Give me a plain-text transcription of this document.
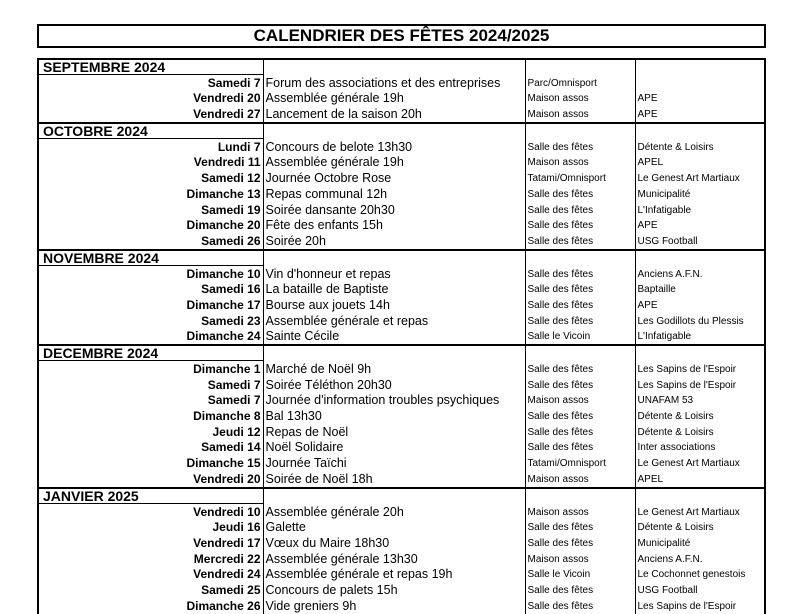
CALENDRIER DES FÊTES 2024/2025
SEPTEMBRE 2024			
Samedi 7	Forum des associations et des entreprises	Parc/Omnisport	
Vendredi 20	Assemblée générale 19h	Maison assos	APE
Vendredi 27	Lancement de la saison 20h	Maison assos	APE
OCTOBRE 2024			
Lundi 7	Concours de belote 13h30	Salle des fêtes	Détente & Loisirs
Vendredi 11	Assemblée générale 19h	Maison assos	APEL
Samedi 12	Journée Octobre Rose	Tatami/Omnisport	Le Genest Art Martiaux
Dimanche 13	Repas communal 12h	Salle des fêtes	Municipalité
Samedi 19	Soirée dansante 20h30	Salle des fêtes	L'Infatigable
Dimanche 20	Fête des enfants 15h	Salle des fêtes	APE
Samedi 26	Soirée 20h	Salle des fêtes	USG Football
NOVEMBRE 2024			
Dimanche 10	Vin d'honneur et repas	Salle des fêtes	Anciens A.F.N.
Samedi 16	La bataille de Baptiste	Salle des fêtes	Baptaille
Dimanche 17	Bourse aux jouets 14h	Salle des fêtes	APE
Samedi 23	Assemblée générale et repas	Salle des fêtes	Les Godillots du Plessis
Dimanche 24	Sainte Cécile	Salle le Vicoin	L'Infatigable
DECEMBRE 2024			
Dimanche 1	Marché de Noël 9h	Salle des fêtes	Les Sapins de l'Espoir
Samedi 7	Soirée Téléthon 20h30	Salle des fêtes	Les Sapins de l'Espoir
Samedi 7	Journée d'information troubles psychiques	Maison assos	UNAFAM 53
Dimanche 8	Bal 13h30	Salle des fêtes	Détente & Loisirs
Jeudi 12	Repas de Noël	Salle des fêtes	Détente & Loisirs
Samedi 14	Noël Solidaire	Salle des fêtes	Inter associations
Dimanche 15	Journée Taïchi	Tatami/Omnisport	Le Genest Art Martiaux
Vendredi 20	Soirée de Noël 18h	Maison assos	APEL
JANVIER 2025			
Vendredi 10	Assemblée générale 20h	Maison assos	Le Genest Art Martiaux
Jeudi 16	Galette	Salle des fêtes	Détente & Loisirs
Vendredi 17	Vœux du Maire 18h30	Salle des fêtes	Municipalité
Mercredi 22	Assemblée générale 13h30	Maison assos	Anciens A.F.N.
Vendredi 24	Assemblée générale et repas 19h	Salle le Vicoin	Le Cochonnet genestois
Samedi 25	Concours de palets 15h	Salle des fêtes	USG Football
Dimanche 26	Vide greniers 9h	Salle des fêtes	Les Sapins de l'Espoir
